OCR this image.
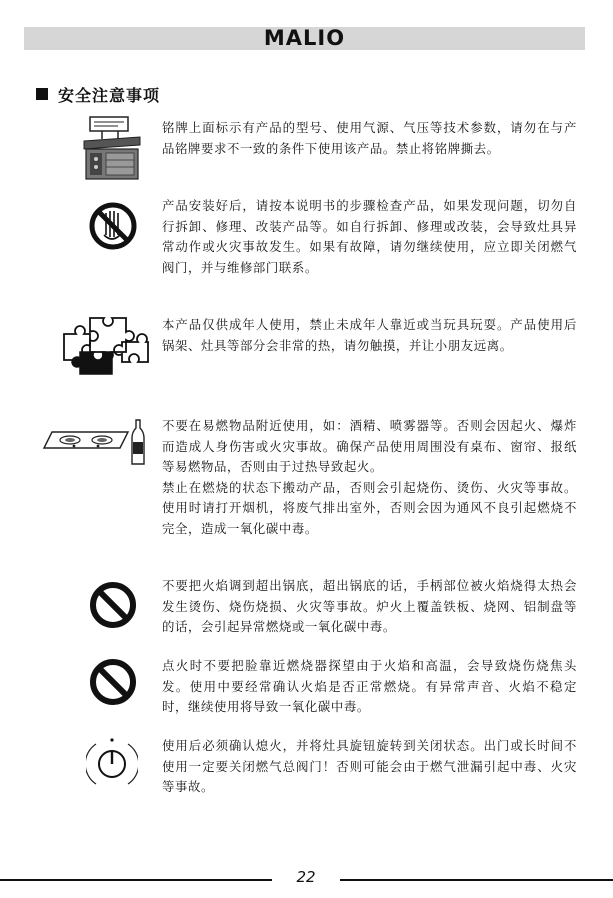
MALIO
安全注意事项

铭牌上面标示有产品的型号、使用气源、气压等技术参数，请勿在与产品铭牌要求不一致的条件下使用该产品。禁止将铭牌撕去。

产品安装好后，请按本说明书的步骤检查产品，如果发现问题，切勿自行拆卸、修理、改装产品等。如自行拆卸、修理或改装，会导致灶具异常动作或火灾事故发生。如果有故障，请勿继续使用，应立即关闭燃气阀门，并与维修部门联系。

本产品仅供成年人使用，禁止未成年人靠近或当玩具玩耍。产品使用后锅架、灶具等部分会非常的热，请勿触摸，并让小朋友远离。

不要在易燃物品附近使用，如：酒精、喷雾器等。否则会因起火、爆炸而造成人身伤害或火灾事故。确保产品使用周围没有桌布、窗帘、报纸等易燃物品，否则由于过热导致起火。

禁止在燃烧的状态下搬动产品，否则会引起烧伤、烫伤、火灾等事故。使用时请打开烟机，将废气排出室外，否则会因为通风不良引起燃烧不完全，造成一氧化碳中毒。

不要把火焰调到超出锅底，超出锅底的话，手柄部位被火焰烧得太热会发生烫伤、烧伤烧损、火灾等事故。炉火上覆盖铁板、烧网、铝制盘等的话，会引起异常燃烧或一氧化碳中毒。

点火时不要把脸靠近燃烧器探望由于火焰和高温，会导致烧伤烧焦头发。使用中要经常确认火焰是否正常燃烧。有异常声音、火焰不稳定时，继续使用将导致一氧化碳中毒。

使用后必须确认熄火，并将灶具旋钮旋转到关闭状态。出门或长时间不使用一定要关闭燃气总阀门！否则可能会由于燃气泄漏引起中毒、火灾等事故。

22
